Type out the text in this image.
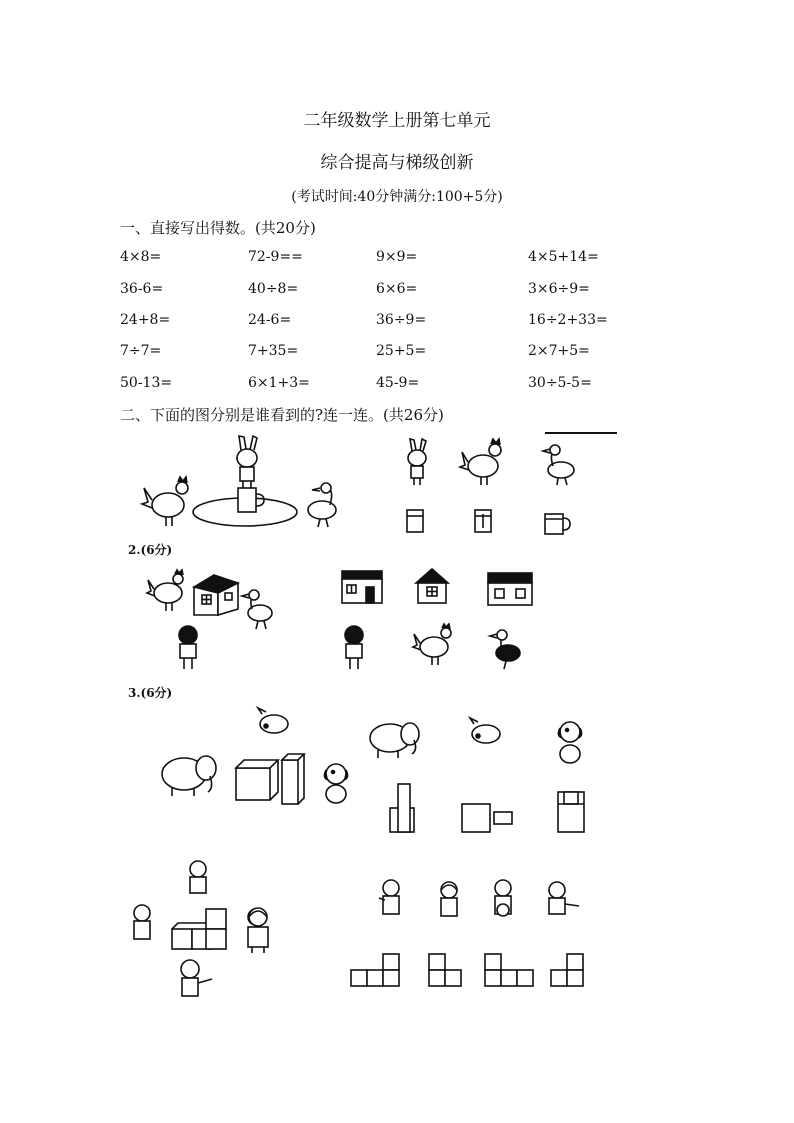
二年级数学上册第七单元
综合提高与梯级创新
(考试时间:40分钟满分:100+5分)
一、直接写出得数。(共20分)
4×8=	72-9==	9×9=	4×5+14=
36-6=	40÷8=	6×6=	3×6÷9=
24+8=	24-6=	36÷9=	16÷2+33=
7÷7=	7+35=	25+5=	2×7+5=
50-13=	6×1+3=	45-9=	30÷5-5=
二、下面的图分别是谁看到的?连一连。(共26分)
2.(6分)
3.(6分)
